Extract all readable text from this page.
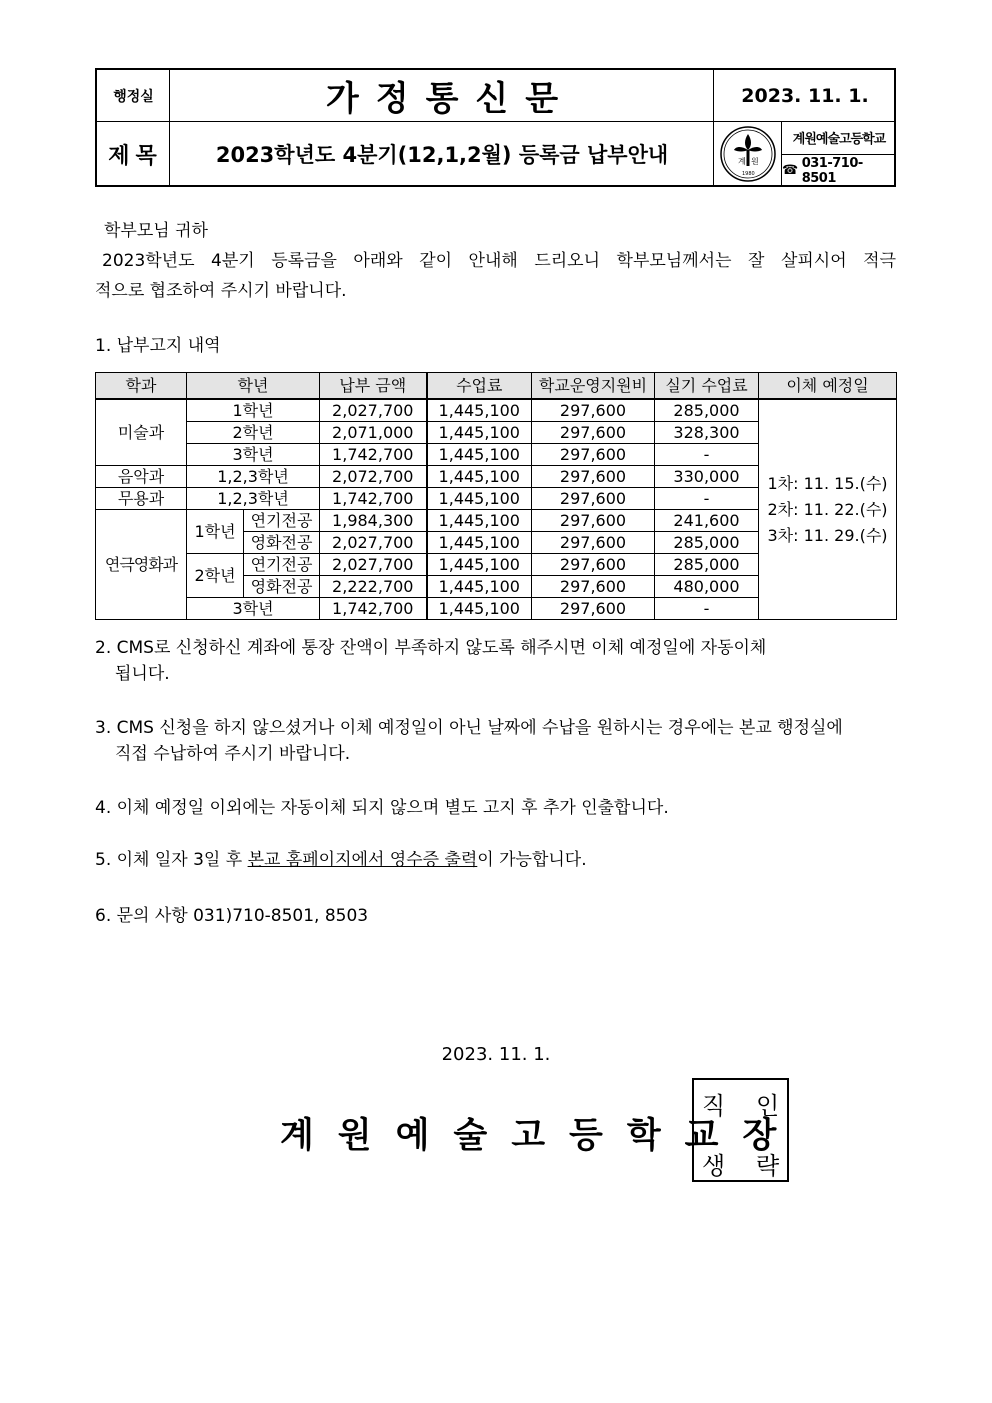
행정실	가정통신문	2023. 11. 1.
제목	2023학년도 4분기(12,1,2월) 등록금 납부안내	계 원
1980
계원예술고등학교
☎ 031-710-8501
학부모님 귀하
2023학년도 4분기 등록금을 아래와 같이 안내해 드리오니 학부모님께서는 잘 살피시어 적극
적으로 협조하여 주시기 바랍니다.
1. 납부고지 내역
학과	학년		납부 금액	수업료	학교운영지원비	실기 수업료	이체 예정일
미술과	1학년		2,027,700	1,445,100	297,600	285,000	1차: 11. 15.(수)
2차: 11. 22.(수)
3차: 11. 29.(수)

	2학년		2,071,000	1,445,100	297,600	328,300	
	3학년		1,742,700	1,445,100	297,600	-	
음악과	1,2,3학년		2,072,700	1,445,100	297,600	330,000	
무용과	1,2,3학년		1,742,700	1,445,100	297,600	-	
연극영화과	1학년	연기전공	1,984,300	1,445,100	297,600	241,600	
		영화전공	2,027,700	1,445,100	297,600	285,000	
	2학년	연기전공	2,027,700	1,445,100	297,600	285,000	
		영화전공	2,222,700	1,445,100	297,600	480,000	
	3학년		1,742,700	1,445,100	297,600	-	
2. CMS로 신청하신 계좌에 통장 잔액이 부족하지 않도록 해주시면 이체 예정일에 자동이체
됩니다.
3. CMS 신청을 하지 않으셨거나 이체 예정일이 아닌 날짜에 수납을 원하시는 경우에는 본교 행정실에
직접 수납하여 주시기 바랍니다.
4. 이체 예정일 이외에는 자동이체 되지 않으며 별도 고지 후 추가 인출합니다.
5. 이체 일자 3일 후 본교 홈페이지에서 영수증 출력이 가능합니다.
6. 문의 사항 031)710-8501, 8503
2023. 11. 1.
계원예술고등학교장
직 인
생 략
